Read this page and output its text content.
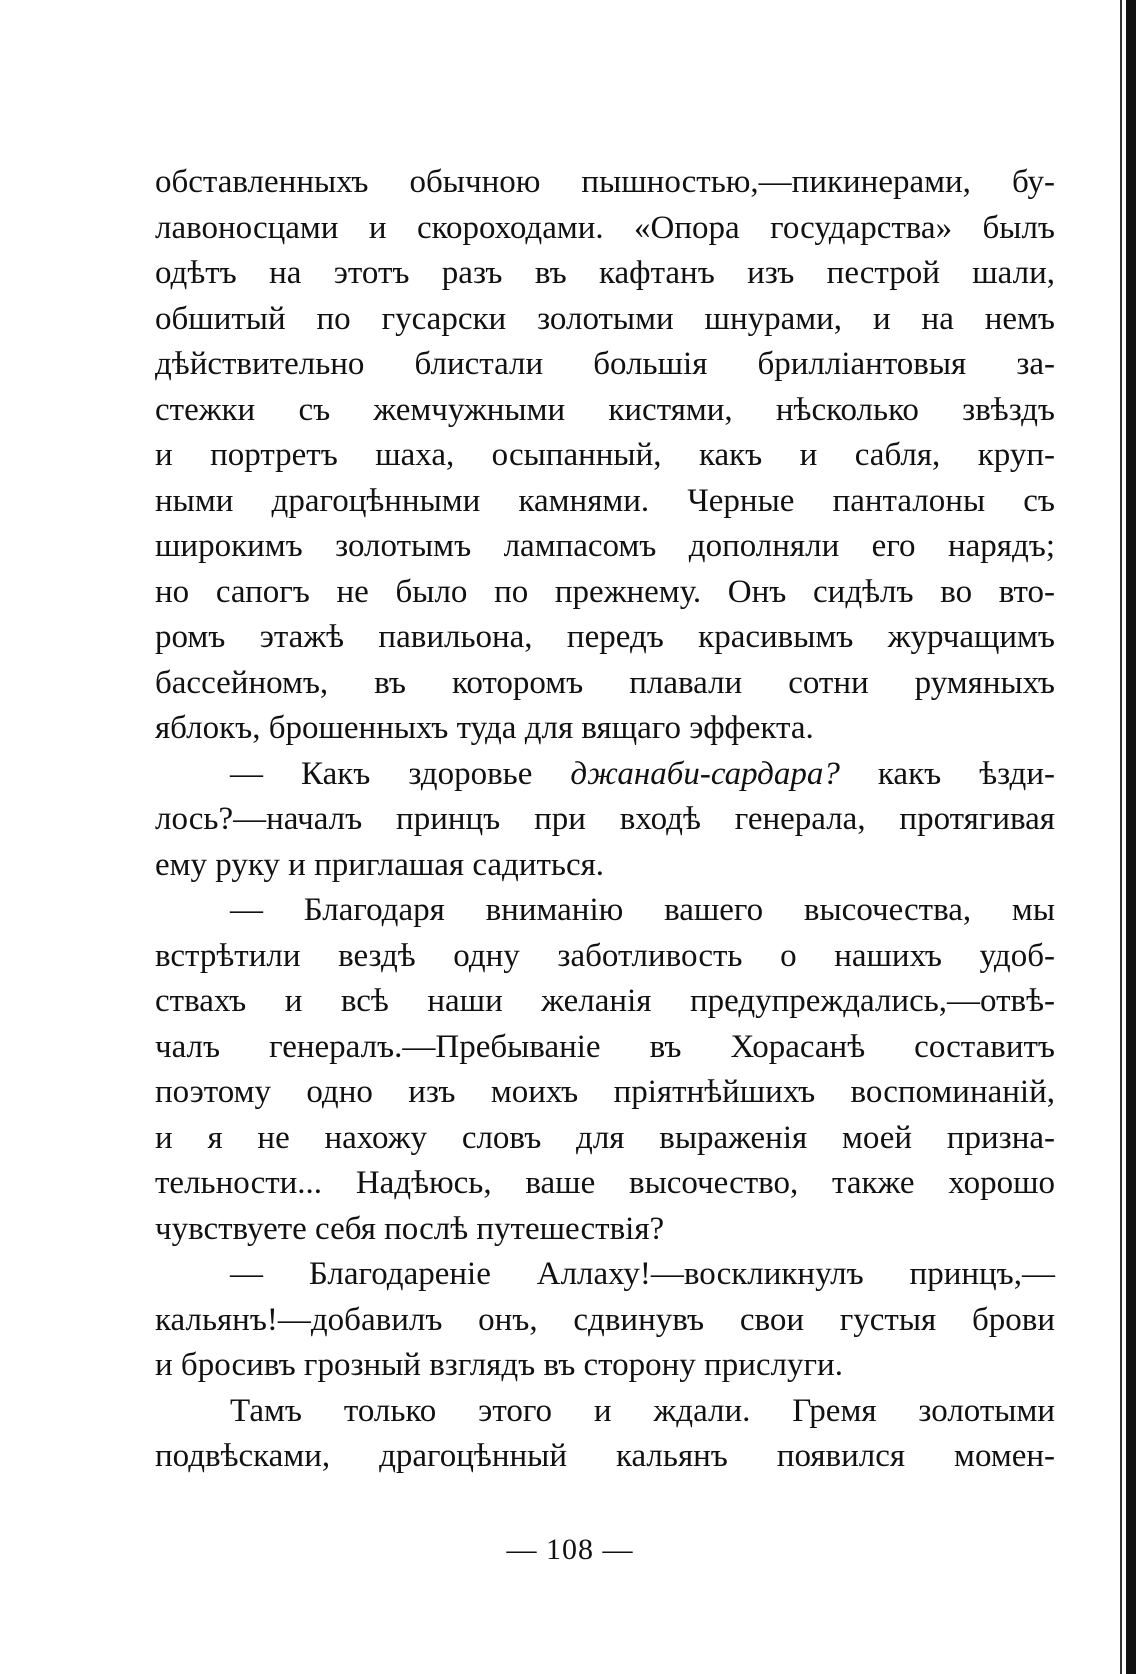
обставленныхъ обычною пышностью,—пикинерами, бу-
лавоносцами и скороходами. «Опора государства» былъ
одѣтъ на этотъ разъ въ кафтанъ изъ пестрой шали,
обшитый по гусарски золотыми шнурами, и на немъ
дѣйствительно блистали большія бриллiантовыя за-
стежки съ жемчужными кистями, нѣсколько звѣздъ
и портретъ шаха, осыпанный, какъ и сабля, круп-
ными драгоцѣнными камнями. Черные панталоны съ
широкимъ золотымъ лампасомъ дополняли его нарядъ;
но сапогъ не было по прежнему. Онъ сидѣлъ во вто-
ромъ этажѣ павильона, передъ красивымъ журчащимъ
бассейномъ, въ которомъ плавали сотни румяныхъ
яблокъ, брошенныхъ туда для вящаго эффекта.
— Какъ здоровье джанаби-сардара? какъ ѣзди-
лось?—началъ принцъ при входѣ генерала, протягивая
ему руку и приглашая садиться.
— Благодаря вниманiю вашего высочества, мы
встрѣтили вездѣ одну заботливость о нашихъ удоб-
ствахъ и всѣ наши желанія предупреждались,—отвѣ-
чалъ генералъ.—Пребываніе въ Хорасанѣ составитъ
поэтому одно изъ моихъ пріятнѣйшихъ воспоминаній,
и я не нахожу словъ для выраженія моей призна-
тельности... Надѣюсь, ваше высочество, также хорошо
чувствуете себя послѣ путешествія?
— Благодареніе Аллаху!—воскликнулъ принцъ,—
кальянъ!—добавилъ онъ, сдвинувъ свои густыя брови
и бросивъ грозный взглядъ въ сторону прислуги.
Тамъ только этого и ждали. Гремя золотыми
подвѣсками, драгоцѣнный кальянъ появился момен-
— 108 —
